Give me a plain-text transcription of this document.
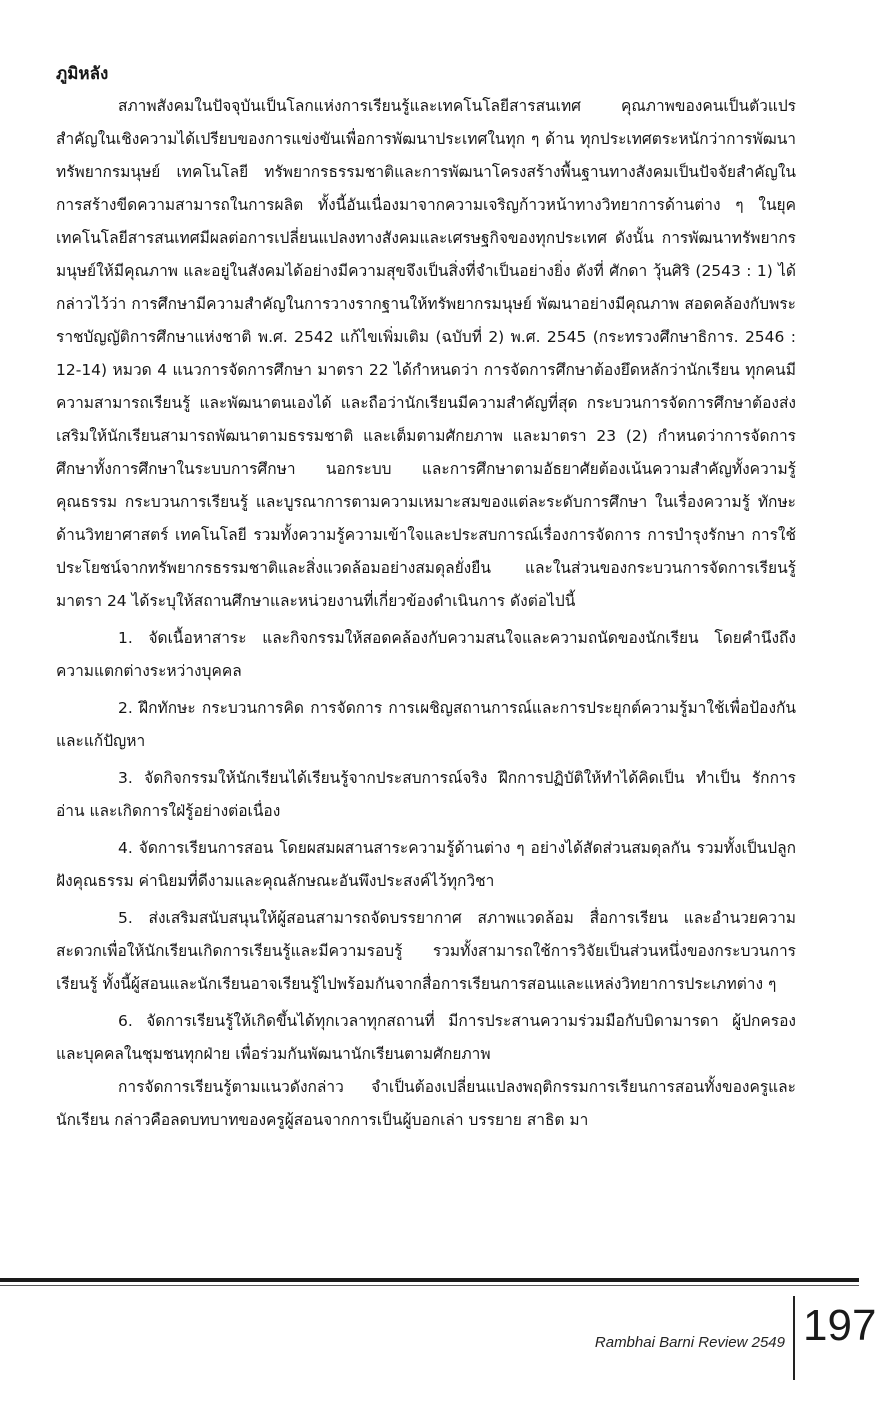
ภูมิหลัง

สภาพสังคมในปัจจุบันเป็นโลกแห่งการเรียนรู้และเทคโนโลยีสารสนเทศ คุณภาพของคนเป็นตัวแปรสำคัญในเชิงความได้เปรียบของการแข่งขันเพื่อการพัฒนาประเทศในทุก ๆ ด้าน ทุกประเทศตระหนักว่าการพัฒนาทรัพยากรมนุษย์ เทคโนโลยี ทรัพยากรธรรมชาติและการพัฒนาโครงสร้างพื้นฐานทางสังคมเป็นปัจจัยสำคัญในการสร้างขีดความสามารถในการผลิต ทั้งนี้อันเนื่องมาจากความเจริญก้าวหน้าทางวิทยาการด้านต่าง ๆ ในยุคเทคโนโลยีสารสนเทศมีผลต่อการเปลี่ยนแปลงทางสังคมและเศรษฐกิจของทุกประเทศ ดังนั้น การพัฒนาทรัพยากรมนุษย์ให้มีคุณภาพ และอยู่ในสังคมได้อย่างมีความสุขจึงเป็นสิ่งที่จำเป็นอย่างยิ่ง ดังที่ ศักดา วุ้นศิริ (2543 : 1) ได้กล่าวไว้ว่า การศึกษามีความสำคัญในการวางรากฐานให้ทรัพยากรมนุษย์ พัฒนาอย่างมีคุณภาพ สอดคล้องกับพระราชบัญญัติการศึกษาแห่งชาติ พ.ศ. 2542 แก้ไขเพิ่มเติม (ฉบับที่ 2) พ.ศ. 2545 (กระทรวงศึกษาธิการ. 2546 : 12-14) หมวด 4 แนวการจัดการศึกษา มาตรา 22 ได้กำหนดว่า การจัดการศึกษาต้องยึดหลักว่านักเรียน ทุกคนมีความสามารถเรียนรู้ และพัฒนาตนเองได้ และถือว่านักเรียนมีความสำคัญที่สุด กระบวนการจัดการศึกษาต้องส่งเสริมให้นักเรียนสามารถพัฒนาตามธรรมชาติ และเต็มตามศักยภาพ และมาตรา 23 (2) กำหนดว่าการจัดการศึกษาทั้งการศึกษาในระบบการศึกษา นอกระบบ และการศึกษาตามอัธยาศัยต้องเน้นความสำคัญทั้งความรู้ คุณธรรม กระบวนการเรียนรู้ และบูรณาการตามความเหมาะสมของแต่ละระดับการศึกษา ในเรื่องความรู้ ทักษะด้านวิทยาศาสตร์ เทคโนโลยี รวมทั้งความรู้ความเข้าใจและประสบการณ์เรื่องการจัดการ การบำรุงรักษา การใช้ประโยชน์จากทรัพยากรธรรมชาติและสิ่งแวดล้อมอย่างสมดุลยั่งยืน และในส่วนของกระบวนการจัดการเรียนรู้ มาตรา 24 ได้ระบุให้สถานศึกษาและหน่วยงานที่เกี่ยวข้องดำเนินการ ดังต่อไปนี้

1. จัดเนื้อหาสาระ และกิจกรรมให้สอดคล้องกับความสนใจและความถนัดของนักเรียน โดยคำนึงถึงความแตกต่างระหว่างบุคคล

2. ฝึกทักษะ กระบวนการคิด การจัดการ การเผชิญสถานการณ์และการประยุกต์ความรู้มาใช้เพื่อป้องกันและแก้ปัญหา

3. จัดกิจกรรมให้นักเรียนได้เรียนรู้จากประสบการณ์จริง ฝึกการปฏิบัติให้ทำได้คิดเป็น ทำเป็น รักการอ่าน และเกิดการใฝ่รู้อย่างต่อเนื่อง

4. จัดการเรียนการสอน โดยผสมผสานสาระความรู้ด้านต่าง ๆ อย่างได้สัดส่วนสมดุลกัน รวมทั้งเป็นปลูกฝังคุณธรรม ค่านิยมที่ดีงามและคุณลักษณะอันพึงประสงค์ไว้ทุกวิชา

5. ส่งเสริมสนับสนุนให้ผู้สอนสามารถจัดบรรยากาศ สภาพแวดล้อม สื่อการเรียน และอำนวยความสะดวกเพื่อให้นักเรียนเกิดการเรียนรู้และมีความรอบรู้ รวมทั้งสามารถใช้การวิจัยเป็นส่วนหนึ่งของกระบวนการเรียนรู้ ทั้งนี้ผู้สอนและนักเรียนอาจเรียนรู้ไปพร้อมกันจากสื่อการเรียนการสอนและแหล่งวิทยาการประเภทต่าง ๆ

6. จัดการเรียนรู้ให้เกิดขึ้นได้ทุกเวลาทุกสถานที่ มีการประสานความร่วมมือกับบิดามารดา ผู้ปกครองและบุคคลในชุมชนทุกฝ่าย เพื่อร่วมกันพัฒนานักเรียนตามศักยภาพ

การจัดการเรียนรู้ตามแนวดังกล่าว จำเป็นต้องเปลี่ยนแปลงพฤติกรรมการเรียนการสอนทั้งของครูและนักเรียน กล่าวคือลดบทบาทของครูผู้สอนจากการเป็นผู้บอกเล่า บรรยาย สาธิต มา

Rambhai Barni Review 2549 197
